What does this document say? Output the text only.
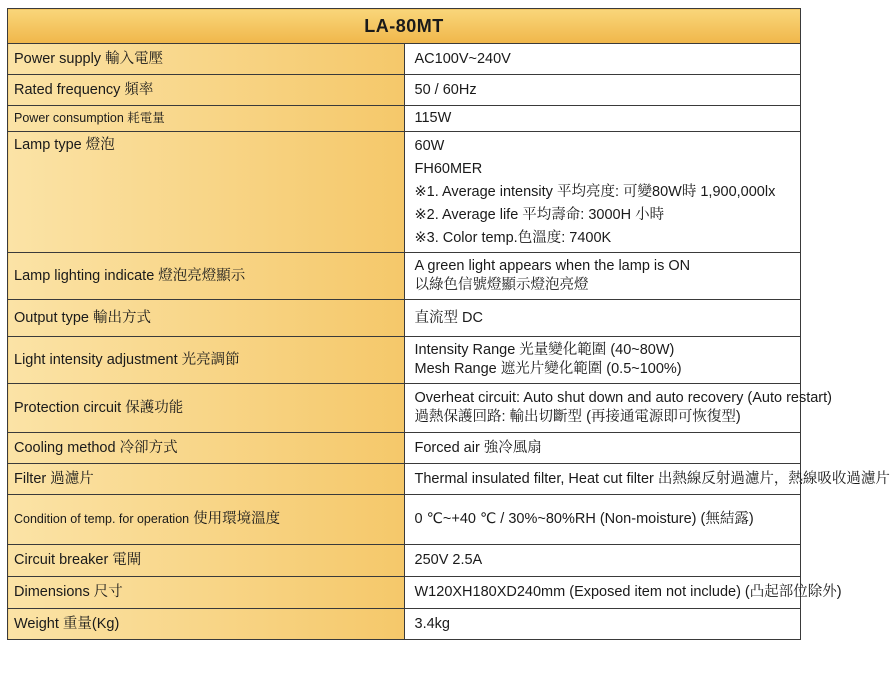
LA-80MT	
Power supply 輸入電壓	AC100V~240V

Rated frequency 頻率	50 / 60Hz

Power consumption 耗電量	115W

Lamp type 燈泡	60W
FH60MER
※1. Average intensity 平均亮度: 可變80W時 1,900,000lx
※2. Average life 平均壽命: 3000H 小時
※3. Color temp.色溫度: 7400K

Lamp lighting indicate 燈泡亮燈顯示	A green light appears when the lamp is ON
以綠色信號燈顯示燈泡亮燈

Output type 輸出方式	直流型 DC

Light intensity adjustment 光亮調節	Intensity Range 光量變化範圍 (40~80W)
Mesh Range 遮光片變化範圍 (0.5~100%)

Protection circuit 保護功能	Overheat circuit: Auto shut down and auto recovery (Auto restart)
過熱保護回路: 輸出切斷型 (再接通電源即可恢復型)

Cooling method 冷卻方式	Forced air 強冷風扇

Filter 過濾片	Thermal insulated filter, Heat cut filter 出熱線反射過濾片，熱線吸收過濾片

Condition of temp. for operation 使用環境溫度	0 ℃~+40 ℃ / 30%~80%RH (Non-moisture) (無結露)

Circuit breaker 電閘	250V 2.5A

Dimensions 尺寸	W120XH180XD240mm (Exposed item not include) (凸起部位除外)

Weight 重量(Kg)	3.4kg
